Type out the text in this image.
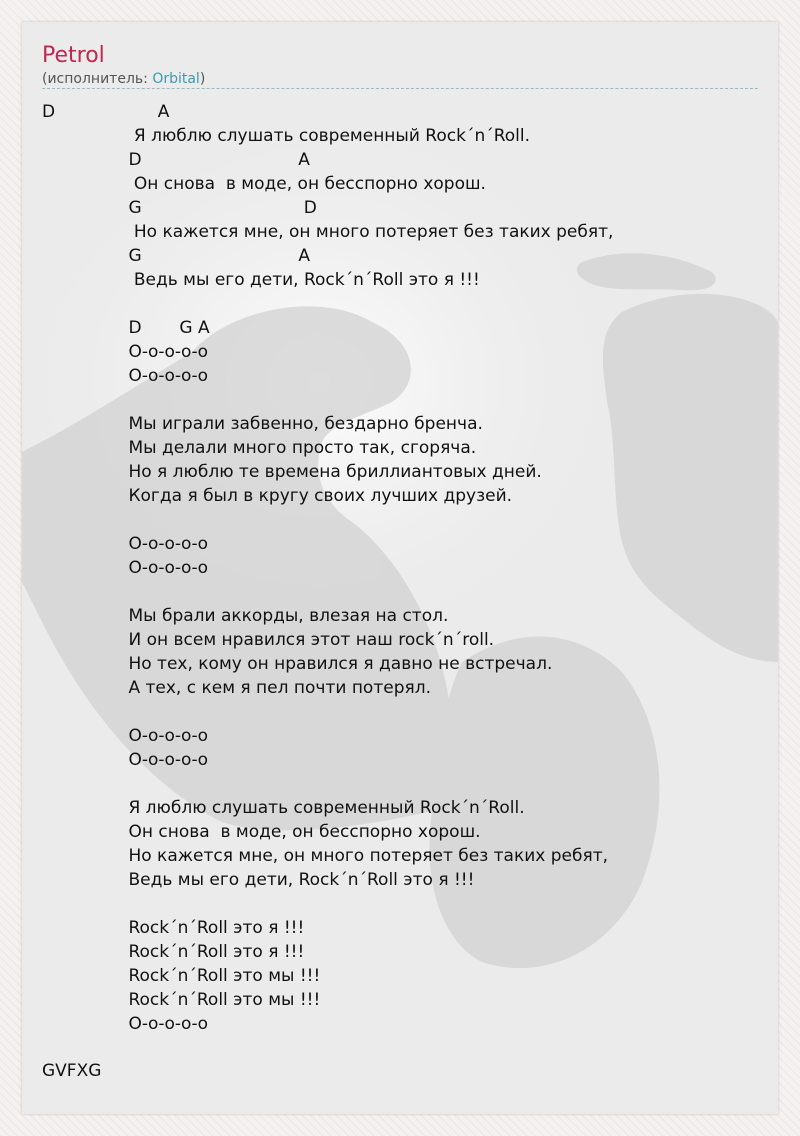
Petrol
(исполнитель: Orbital)
D                   A
Я люблю слушать современный Rock´n´Roll.
D                             A
Он снова  в моде, он бесспорно хорош.
G                              D
Но кажется мне, он много потеряет без таких ребят,
G                             A
Ведь мы его дети, Rock´n´Roll это я !!!

D       G A
О-о-о-о-о
О-о-о-о-о

Мы играли забвенно, бездарно бренча.
Мы делали много просто так, сгоряча.
Но я люблю те времена бриллиантовых дней.
Когда я был в кругу своих лучших друзей.

О-о-о-о-о
О-о-о-о-о

Мы брали аккорды, влезая на стол.
И он всем нравился этот наш rock´n´roll.
Но тех, кому он нравился я давно не встречал.
А тех, с кем я пел почти потерял.

О-о-о-о-о
О-о-о-о-о

Я люблю слушать современный Rock´n´Roll.
Он снова  в моде, он бесспорно хорош.
Но кажется мне, он много потеряет без таких ребят,
Ведь мы его дети, Rock´n´Roll это я !!!

Rock´n´Roll это я !!!
Rock´n´Roll это я !!!
Rock´n´Roll это мы !!!
Rock´n´Roll это мы !!!
О-о-о-о-о
GVFXG
